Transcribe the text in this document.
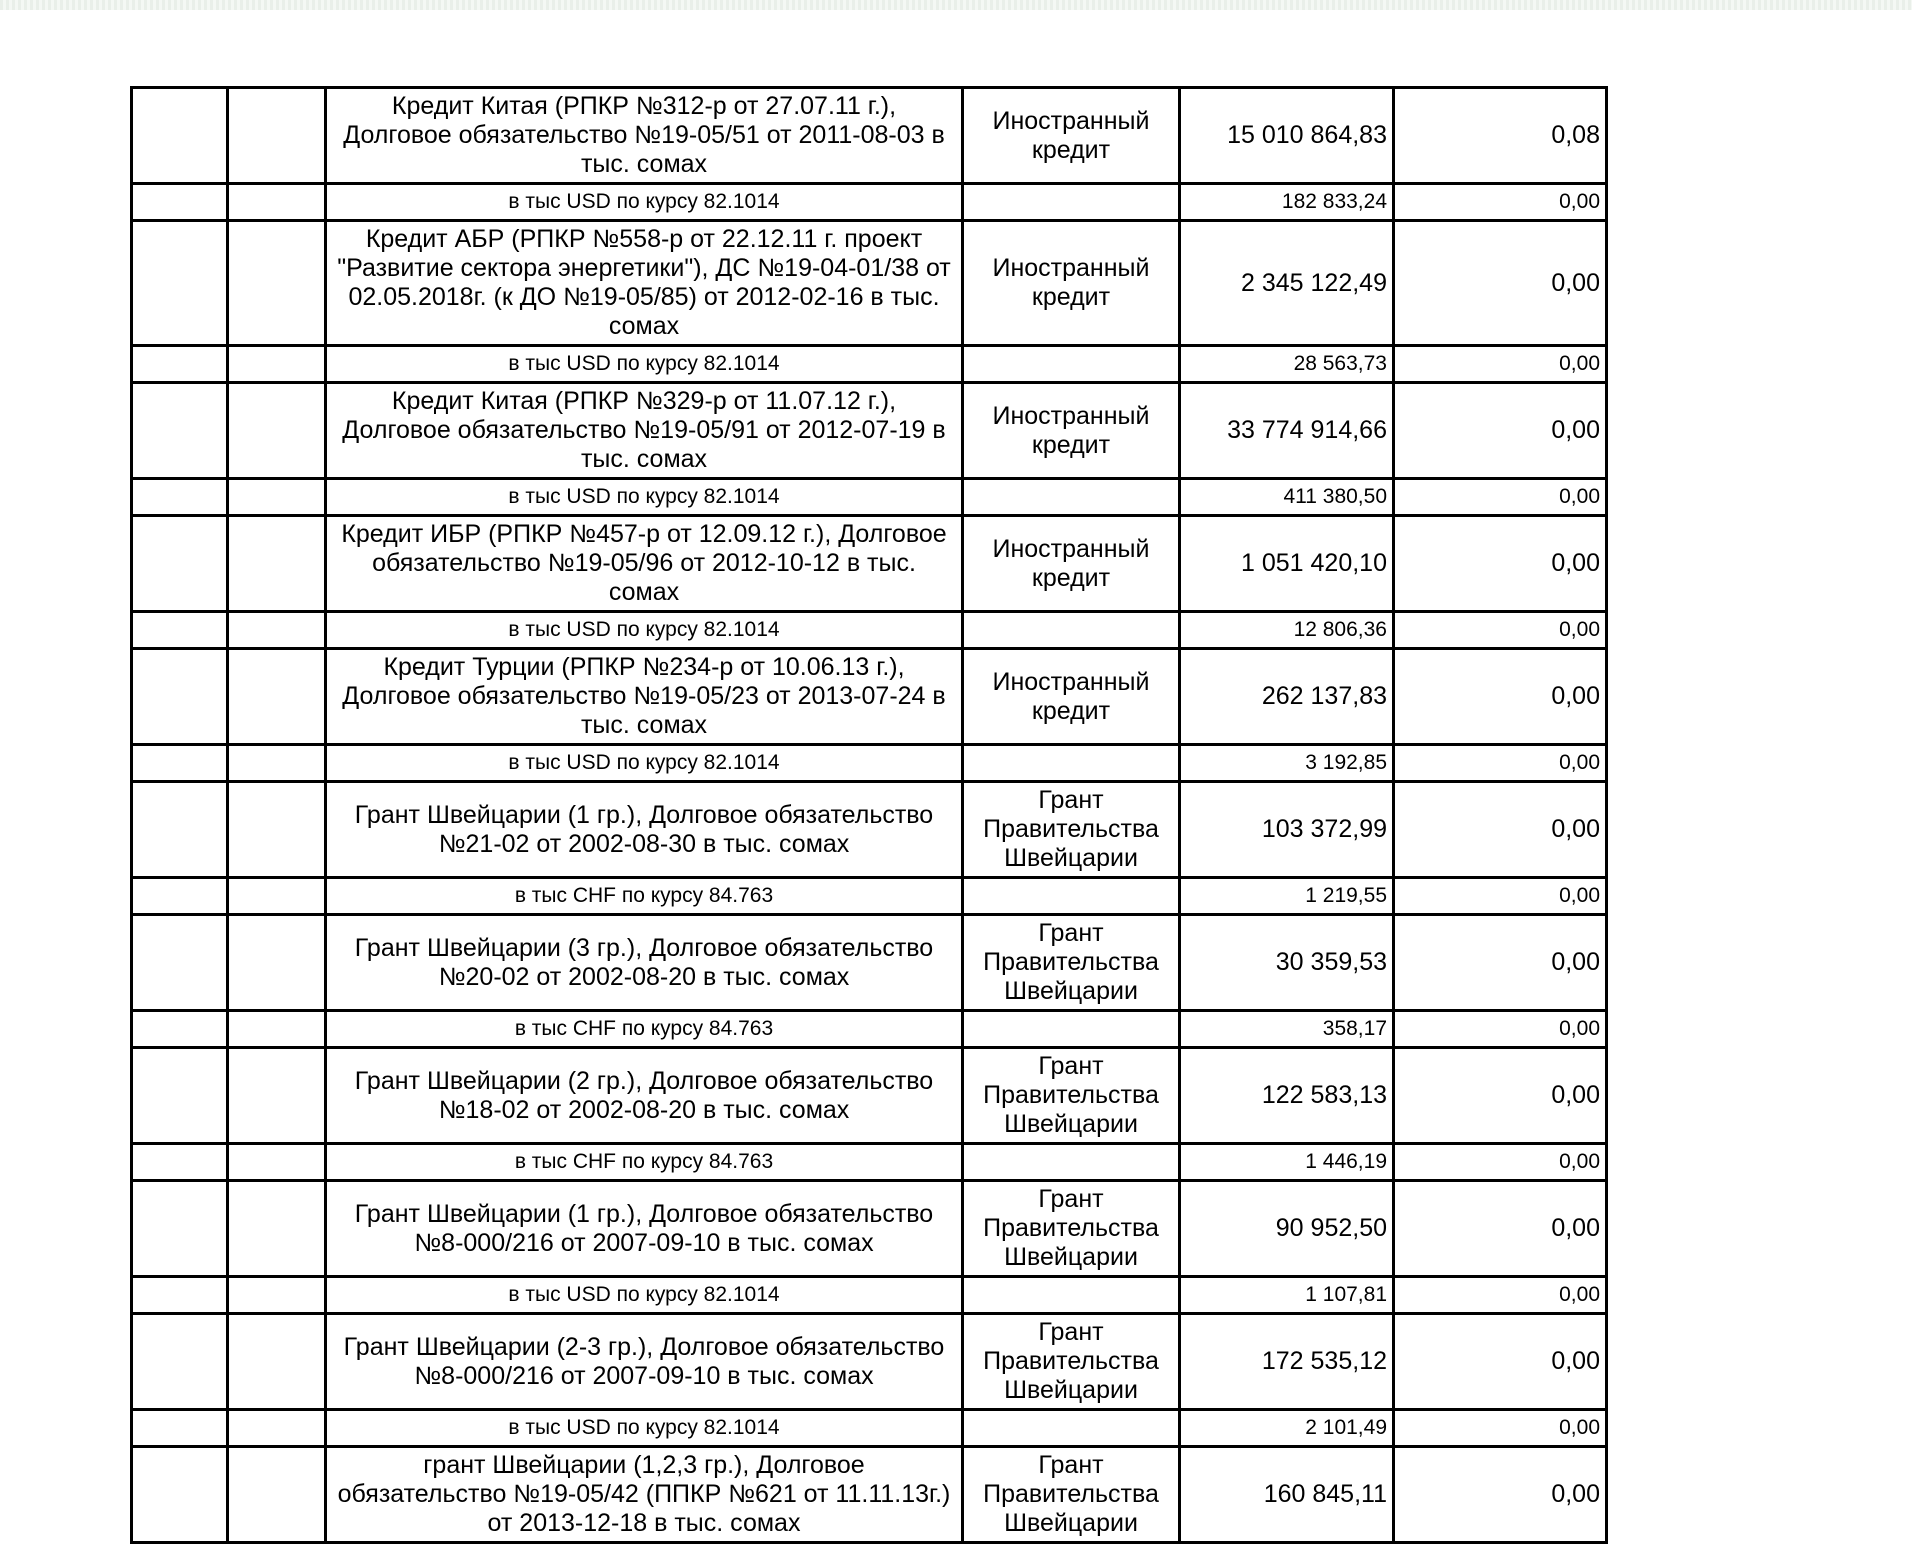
		Кредит Китая (РПКР №312-р от 27.07.11 г.), Долговое обязательство №19-05/51 от 2011-08-03 в тыс. сомах	Иностранный кредит	15 010 864,83	0,08
		в тыс USD по курсу 82.1014		182 833,24	0,00
		Кредит АБР (РПКР №558-р от 22.12.11 г. проект "Развитие сектора энергетики"), ДС №19-04-01/38 от 02.05.2018г. (к ДО №19-05/85) от 2012-02-16 в тыс. сомах	Иностранный кредит	2 345 122,49	0,00
		в тыс USD по курсу 82.1014		28 563,73	0,00
		Кредит Китая (РПКР №329-р от 11.07.12 г.), Долговое обязательство №19-05/91 от 2012-07-19 в тыс. сомах	Иностранный кредит	33 774 914,66	0,00
		в тыс USD по курсу 82.1014		411 380,50	0,00
		Кредит ИБР (РПКР №457-р от 12.09.12 г.), Долговое обязательство №19-05/96 от 2012-10-12 в тыс. сомах	Иностранный кредит	1 051 420,10	0,00
		в тыс USD по курсу 82.1014		12 806,36	0,00
		Кредит Турции (РПКР №234-р от 10.06.13 г.), Долговое обязательство №19-05/23 от 2013-07-24 в тыс. сомах	Иностранный кредит	262 137,83	0,00
		в тыс USD по курсу 82.1014		3 192,85	0,00
		Грант Швейцарии (1 гр.), Долговое обязательство №21-02 от 2002-08-30 в тыс. сомах	Грант Правительства Швейцарии	103 372,99	0,00
		в тыс CHF по курсу 84.763		1 219,55	0,00
		Грант Швейцарии (3 гр.), Долговое обязательство №20-02 от 2002-08-20 в тыс. сомах	Грант Правительства Швейцарии	30 359,53	0,00
		в тыс CHF по курсу 84.763		358,17	0,00
		Грант Швейцарии (2 гр.), Долговое обязательство №18-02 от 2002-08-20 в тыс. сомах	Грант Правительства Швейцарии	122 583,13	0,00
		в тыс CHF по курсу 84.763		1 446,19	0,00
		Грант Швейцарии (1 гр.), Долговое обязательство №8-000/216 от 2007-09-10 в тыс. сомах	Грант Правительства Швейцарии	90 952,50	0,00
		в тыс USD по курсу 82.1014		1 107,81	0,00
		Грант Швейцарии (2-3 гр.), Долговое обязательство №8-000/216 от 2007-09-10 в тыс. сомах	Грант Правительства Швейцарии	172 535,12	0,00
		в тыс USD по курсу 82.1014		2 101,49	0,00
		грант Швейцарии (1,2,3 гр.), Долговое обязательство №19-05/42 (ППКР №621 от 11.11.13г.) от 2013-12-18 в тыс. сомах	Грант Правительства Швейцарии	160 845,11	0,00
